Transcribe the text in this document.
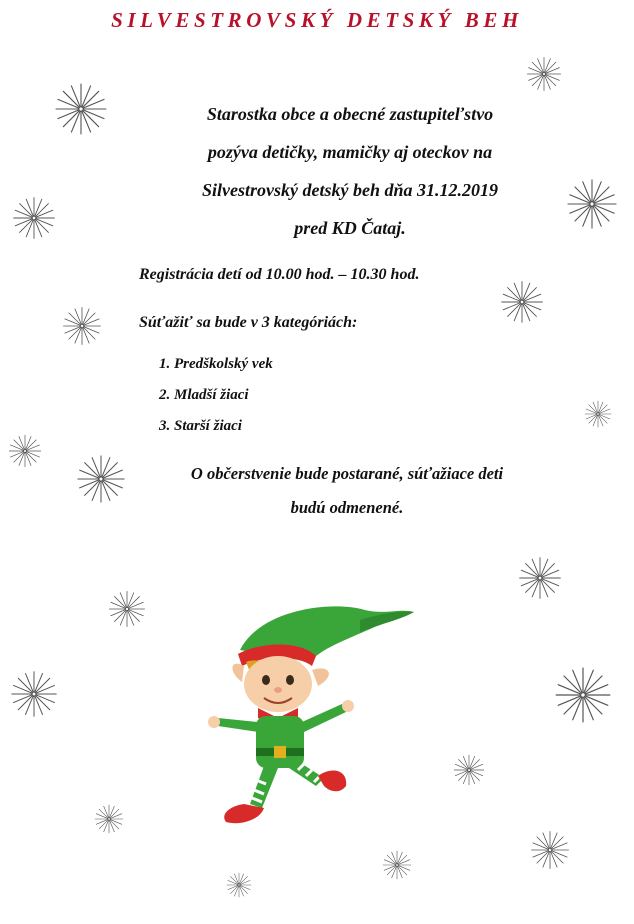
SILVESTROVSKÝ DETSKÝ BEH
Starostka obce a obecné zastupiteľstvo
pozýva detičky, mamičky aj oteckov na
Silvestrovský detský beh dňa 31.12.2019
pred KD Čataj.
Registrácia detí od 10.00 hod. – 10.30 hod.
Súťažiť sa bude v 3 kategóriách:
1. Predškolský vek
2. Mladší žiaci
3. Starší žiaci
O občerstvenie bude postarané, súťažiace deti
budú odmenené.
